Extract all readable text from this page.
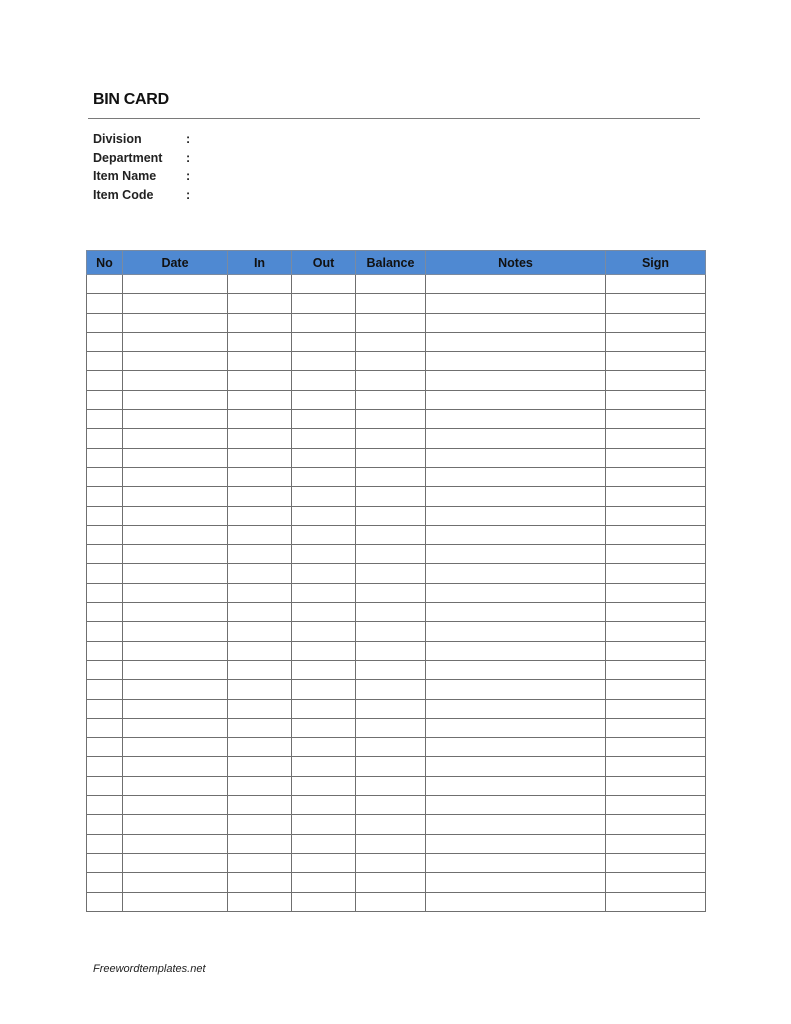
BIN CARD
Division	:
Department	:
Item Name	:
Item Code	:
No	Date	In	Out	Balance	Notes	Sign

Freewordtemplates.net
